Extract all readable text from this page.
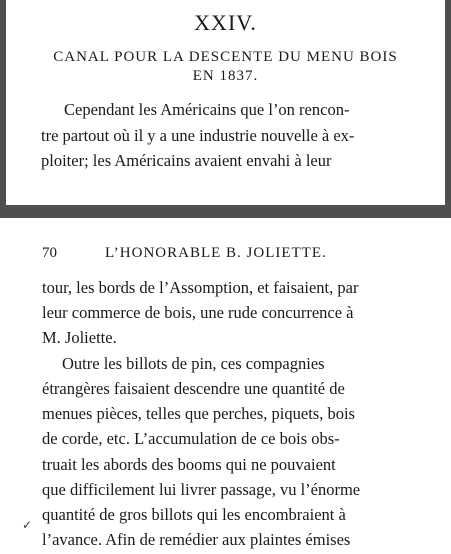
XXIV.
CANAL POUR LA DESCENTE DU MENU BOIS
EN 1837.
Cependant les Américains que l’on rencon-
tre partout où il y a une industrie nouvelle à ex-
ploiter; les Américains avaient envahi à leur
70	L’HONORABLE B. JOLIETTE.
tour, les bords de l’Assomption, et faisaient, par
leur commerce de bois, une rude concurrence à
M. Joliette.
Outre les billots de pin, ces compagnies
étrangères faisaient descendre une quantité de
menues pièces, telles que perches, piquets, bois
de corde, etc. L’accumulation de ce bois obs-
truait les abords des booms qui ne pouvaient
que difficilement lui livrer passage, vu l’énorme
quantité de gros billots qui les encombraient à
l’avance. Afin de remédier aux plaintes émises
✓
